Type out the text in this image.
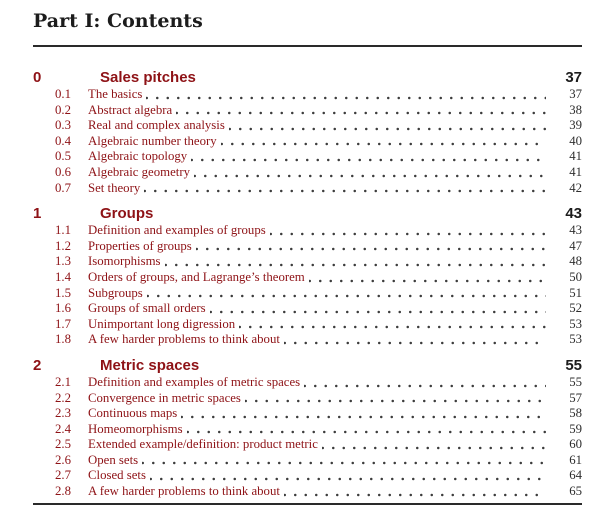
Part I: Contents
0	Sales pitches	37
0.1	The basics	37
0.2	Abstract algebra	38
0.3	Real and complex analysis	39
0.4	Algebraic number theory	40
0.5	Algebraic topology	41
0.6	Algebraic geometry	41
0.7	Set theory	42
1	Groups	43
1.1	Definition and examples of groups	43
1.2	Properties of groups	47
1.3	Isomorphisms	48
1.4	Orders of groups, and Lagrange’s theorem	50
1.5	Subgroups	51
1.6	Groups of small orders	52
1.7	Unimportant long digression	53
1.8	A few harder problems to think about	53
2	Metric spaces	55
2.1	Definition and examples of metric spaces	55
2.2	Convergence in metric spaces	57
2.3	Continuous maps	58
2.4	Homeomorphisms	59
2.5	Extended example/definition: product metric	60
2.6	Open sets	61
2.7	Closed sets	64
2.8	A few harder problems to think about	65
